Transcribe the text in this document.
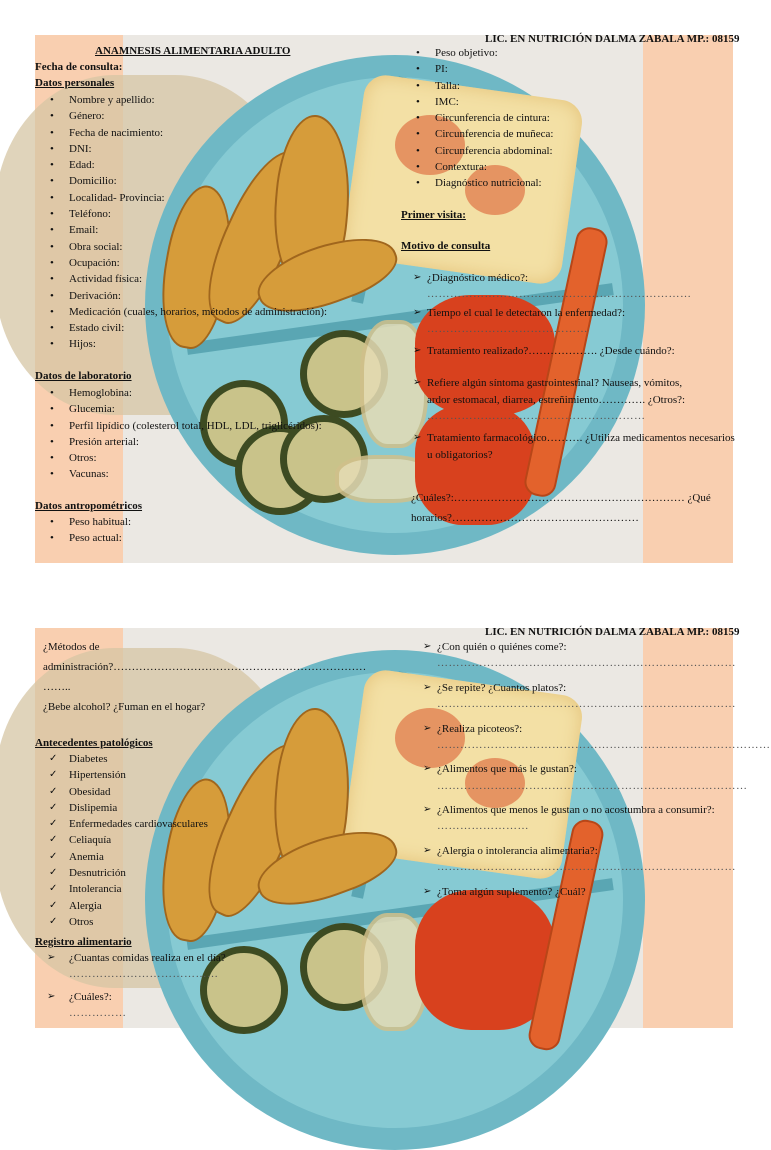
LIC. EN NUTRICIÓN DALMA ZABALA MP.: 08159
ANAMNESIS ALIMENTARIA ADULTO
Fecha de consulta:
Datos personales
• Nombre y apellido:
• Género:
• Fecha de nacimiento:
• DNI:
• Edad:
• Domicilio:
• Localidad- Provincia:
• Teléfono:
• Email:
• Obra social:
• Ocupación:
• Actividad física:
• Derivación:
• Medicación (cuales, horarios, métodos de administración):
• Estado civil:
• Hijos:
Datos de laboratorio
• Hemoglobina:
• Glucemia:
• Perfil lipídico (colesterol total, HDL, LDL, triglicéridos):
• Presión arterial:
• Otros:
• Vacunas:
Datos antropométricos
• Peso habitual:
• Peso actual:
• Peso objetivo:
• PI:
• Talla:
• IMC:
• Circunferencia de cintura:
• Circunferencia de muñeca:
• Circunferencia abdominal:
• Contextura:
• Diagnóstico nutricional:
Primer visita:
Motivo de consulta
➢ ¿Diagnóstico médico?:
……………………………………………………………
➢ Tiempo el cual le detectaron la enfermedad?:
……………………………………
➢ Tratamiento realizado?………………. ¿Desde cuándo?:
➢ Refiere algún síntoma gastrointestinal? Nauseas, vómitos,
ardor estomacal, diarrea, estreñimiento…………. ¿Otros?:
…………………………………………………
➢ Tratamiento farmacológico………. ¿Utiliza medicamentos necesarios
u obligatorios?
¿Cuáles?:……………………………………………………… ¿Qué
horarios?……………………………………………
LIC. EN NUTRICIÓN DALMA ZABALA MP.: 08159
¿Métodos de
administración?……………………………………………………………
……..
¿Bebe alcohol? ¿Fuman en el hogar?
Antecedentes patológicos
✓ Diabetes
✓ Hipertensión
✓ Obesidad
✓ Dislipemia
✓ Enfermedades cardiovasculares
✓ Celiaquía
✓ Anemia
✓ Desnutrición
✓ Intolerancia
✓ Alergia
✓ Otros
Registro alimentario
➢ ¿Cuantas comidas realiza en el día?
…………………………………
➢ ¿Cuáles?:
……………
➢ ¿Con quién o quiénes come?:
……………………………………………………………………
➢ ¿Se repite? ¿Cuantos platos?:
……………………………………………………………………
➢ ¿Realiza picoteos?:
……………………………………………………………………………
➢ ¿Alimentos que más le gustan?:
………………………………………………………………………
➢ ¿Alimentos que menos le gustan o no acostumbra a consumir?:
……………………
➢ ¿Alergia o intolerancia alimentaria?:
……………………………………………………………………
➢ ¿Toma algún suplemento? ¿Cuál?
